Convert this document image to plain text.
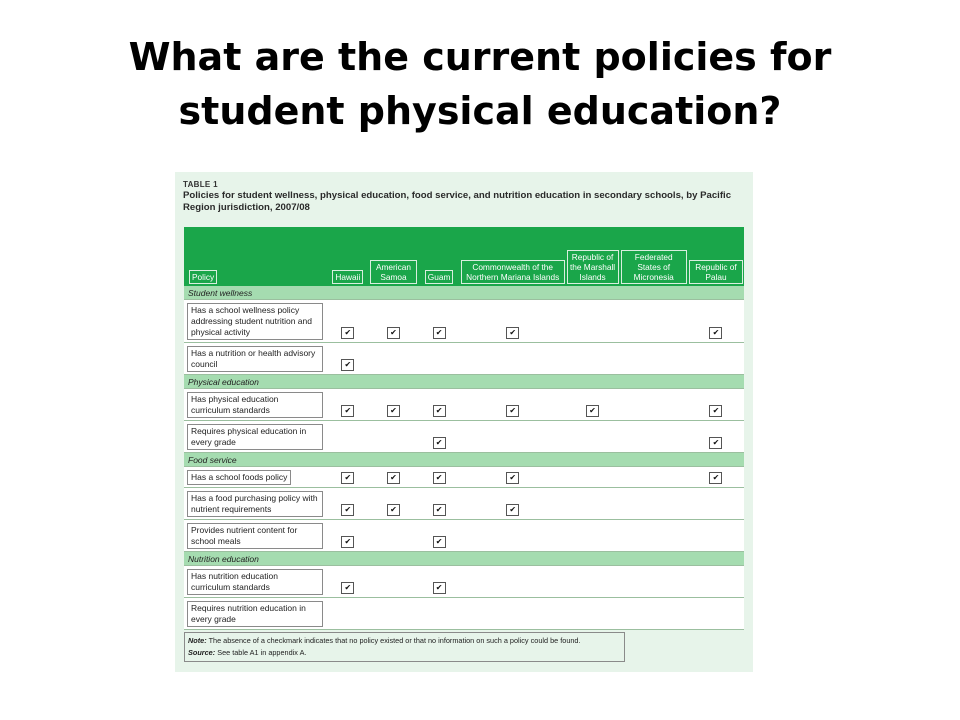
What are the current policies for
student physical education?
TABLE 1
Policies for student wellness, physical education, food service, and nutrition education in secondary schools, by Pacific Region jurisdiction, 2007/08
Policy	Hawaii	American Samoa	Guam	Commonwealth of the Northern Mariana Islands	Republic of the Marshall Islands	Federated States of Micronesia	Republic of Palau
Student wellness							
Has a school wellness policy addressing student nutrition and physical activity	✔	✔	✔	✔			✔
Has a nutrition or health advisory council	✔						
Physical education							
Has physical education curriculum standards	✔	✔	✔	✔	✔		✔
Requires physical education in every grade			✔				✔
Food service							
Has a school foods policy	✔	✔	✔	✔			✔
Has a food purchasing policy with nutrient requirements	✔	✔	✔	✔			
Provides nutrient content for school meals	✔		✔				
Nutrition education							
Has nutrition education curriculum standards	✔		✔				
Requires nutrition education in every grade							
Note: The absence of a checkmark indicates that no policy existed or that no information on such a policy could be found.
Source: See table A1 in appendix A.
